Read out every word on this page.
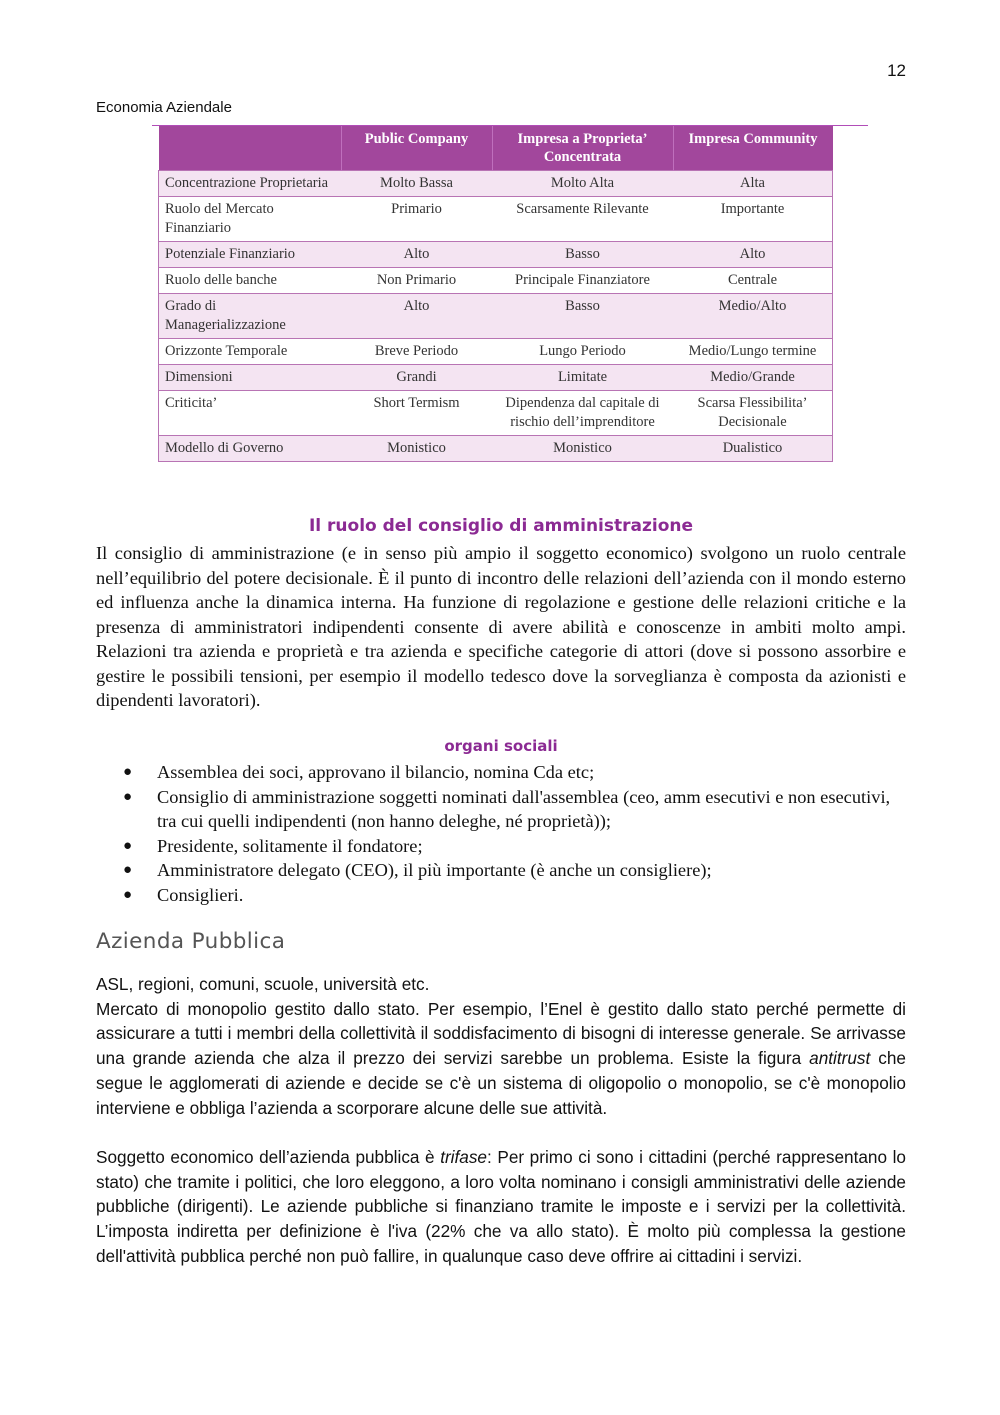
12
Economia Aziendale
	Public Company	Impresa a Proprieta’ Concentrata	Impresa Community
Concentrazione Proprietaria	Molto Bassa	Molto Alta	Alta
Ruolo del Mercato Finanziario	Primario	Scarsamente Rilevante	Importante
Potenziale Finanziario	Alto	Basso	Alto
Ruolo delle banche	Non Primario	Principale Finanziatore	Centrale
Grado di Managerializzazione	Alto	Basso	Medio/Alto
Orizzonte Temporale	Breve Periodo	Lungo Periodo	Medio/Lungo termine
Dimensioni	Grandi	Limitate	Medio/Grande
Criticita’	Short Termism	Dipendenza dal capitale di rischio dell’imprenditore	Scarsa Flessibilita’ Decisionale
Modello di Governo	Monistico	Monistico	Dualistico
Il ruolo del consiglio di amministrazione

Il consiglio di amministrazione (e in senso più ampio il soggetto economico) svolgono un ruolo centrale nell’equilibrio del potere decisionale. È il punto di incontro delle relazioni dell’azienda con il mondo esterno ed influenza anche la dinamica interna. Ha funzione di regolazione e gestione delle relazioni critiche e la presenza di amministratori indipendenti consente di avere abilità e conoscenze in ambiti molto ampi. Relazioni tra azienda e proprietà e tra azienda e specifiche categorie di attori (dove si possono assorbire e gestire le possibili tensioni, per esempio il modello tedesco dove la sorveglianza è composta da azionisti e dipendenti lavoratori).

organi sociali
● Assemblea dei soci, approvano il bilancio, nomina Cda etc;
● Consiglio di amministrazione soggetti nominati dall'assemblea (ceo, amm esecutivi e non esecutivi, tra cui quelli indipendenti (non hanno deleghe, né proprietà));
● Presidente, solitamente il fondatore;
● Amministratore delegato (CEO), il più importante (è anche un consigliere);
● Consiglieri.
Azienda Pubblica

ASL, regioni, comuni, scuole, università etc.

Mercato di monopolio gestito dallo stato. Per esempio, l’Enel è gestito dallo stato perché permette di assicurare a tutti i membri della collettività il soddisfacimento di bisogni di interesse generale. Se arrivasse una grande azienda che alza il prezzo dei servizi sarebbe un problema. Esiste la figura antitrust che segue le agglomerati di aziende e decide se c'è un sistema di oligopolio o monopolio, se c'è monopolio interviene e obbliga l’azienda a scorporare alcune delle sue attività.

Soggetto economico dell’azienda pubblica è trifase: Per primo ci sono i cittadini (perché rappresentano lo stato) che tramite i politici, che loro eleggono, a loro volta nominano i consigli amministrativi delle aziende pubbliche (dirigenti). Le aziende pubbliche si finanziano tramite le imposte e i servizi per la collettività. L’imposta indiretta per definizione è l'iva (22% che va allo stato). È molto più complessa la gestione dell'attività pubblica perché non può fallire, in qualunque caso deve offrire ai cittadini i servizi.
